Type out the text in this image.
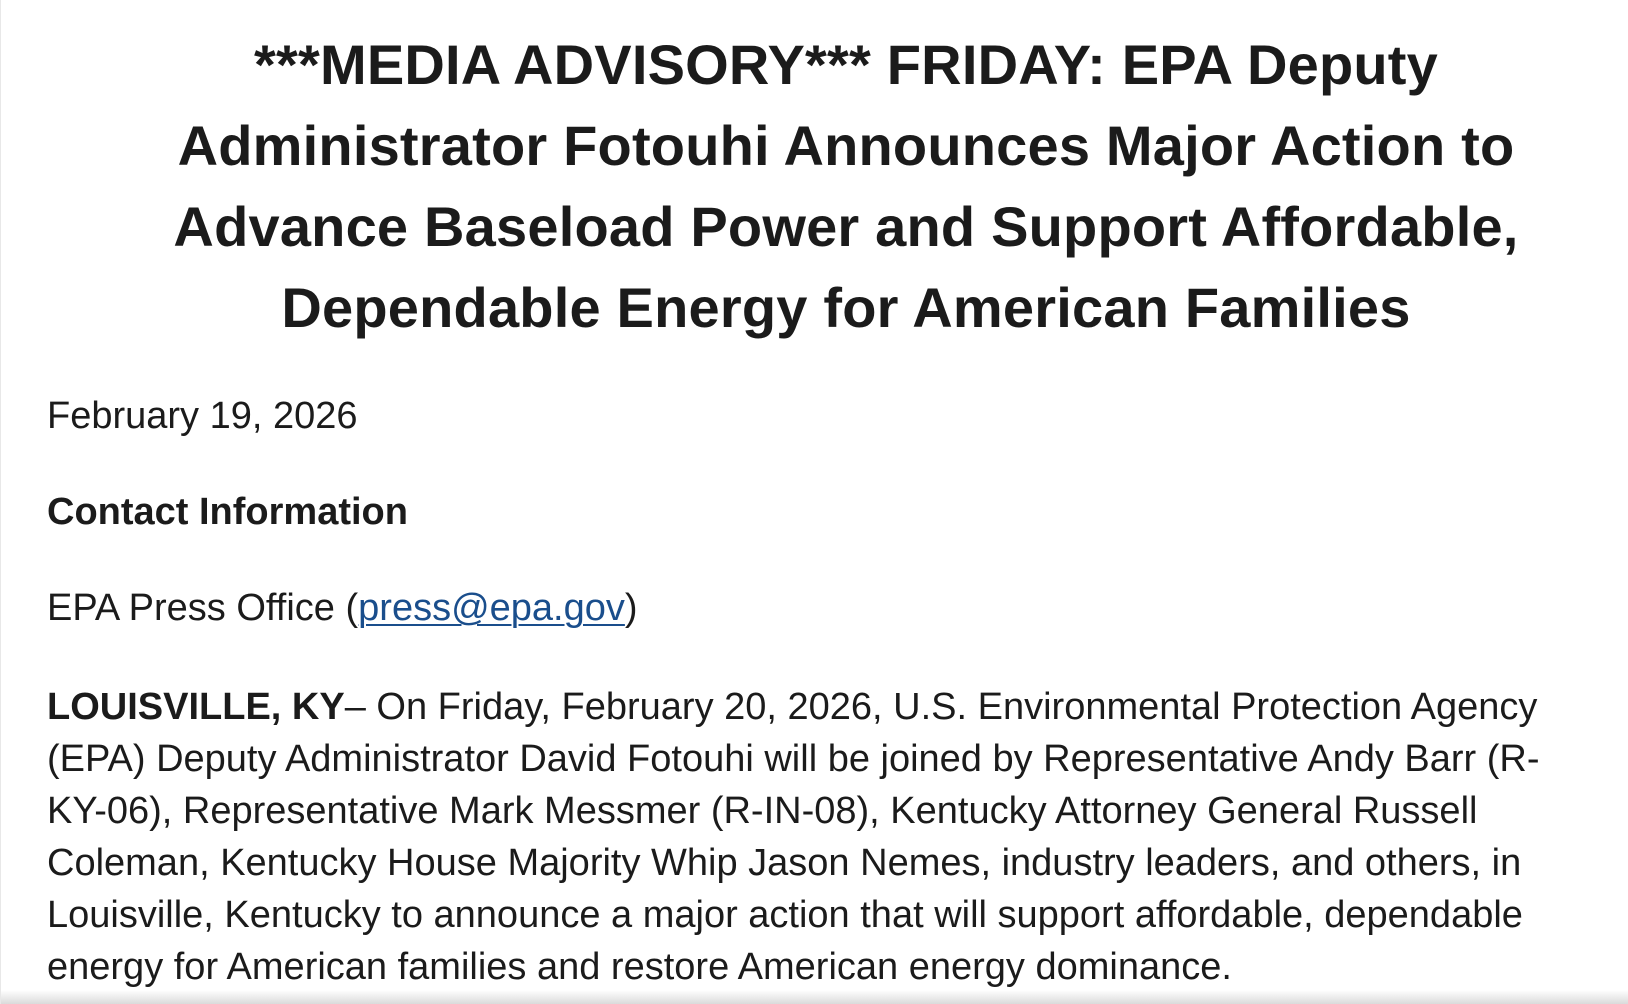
***MEDIA ADVISORY*** FRIDAY: EPA Deputy Administrator Fotouhi Announces Major Action to Advance Baseload Power and Support Affordable, Dependable Energy for American Families

February 19, 2026

Contact Information

EPA Press Office (press@epa.gov)

LOUISVILLE, KY– On Friday, February 20, 2026, U.S. Environmental Protection Agency (EPA) Deputy Administrator David Fotouhi will be joined by Representative Andy Barr (R-KY-06), Representative Mark Messmer (R-IN-08), Kentucky Attorney General Russell Coleman, Kentucky House Majority Whip Jason Nemes, industry leaders, and others, in Louisville, Kentucky to announce a major action that will support affordable, dependable energy for American families and restore American energy dominance.
